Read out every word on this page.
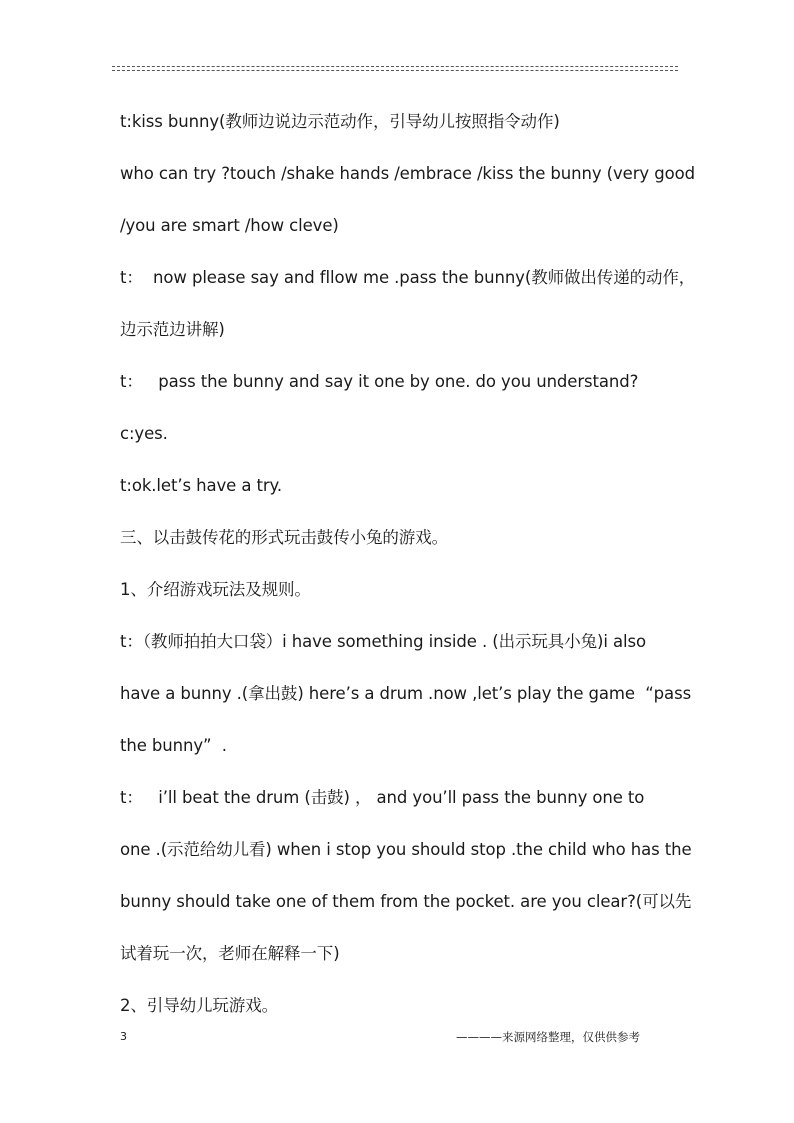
t:kiss bunny(教师边说边示范动作，引导幼儿按照指令动作)
who can try ?touch /shake hands /embrace /kiss the bunny (very good
/you are smart /how cleve)
t：  now please say and fllow me .pass the bunny(教师做出传递的动作，
边示范边讲解)
t：   pass the bunny and say it one by one. do you understand?
c:yes.
t:ok.let’s have a try.
三、以击鼓传花的形式玩击鼓传小兔的游戏。
1、介绍游戏玩法及规则。
t：（教师拍拍大口袋）i have something inside . (出示玩具小兔)i also
have a bunny .(拿出鼓) here’s a drum .now ,let’s play the game  “pass
the bunny”  .
t：   i’ll beat the drum (击鼓) ， and you’ll pass the bunny one to
one .(示范给幼儿看) when i stop you should stop .the child who has the
bunny should take one of them from the pocket. are you clear?(可以先
试着玩一次，老师在解释一下)
2、引导幼儿玩游戏。
3	————来源网络整理，仅供供参考
